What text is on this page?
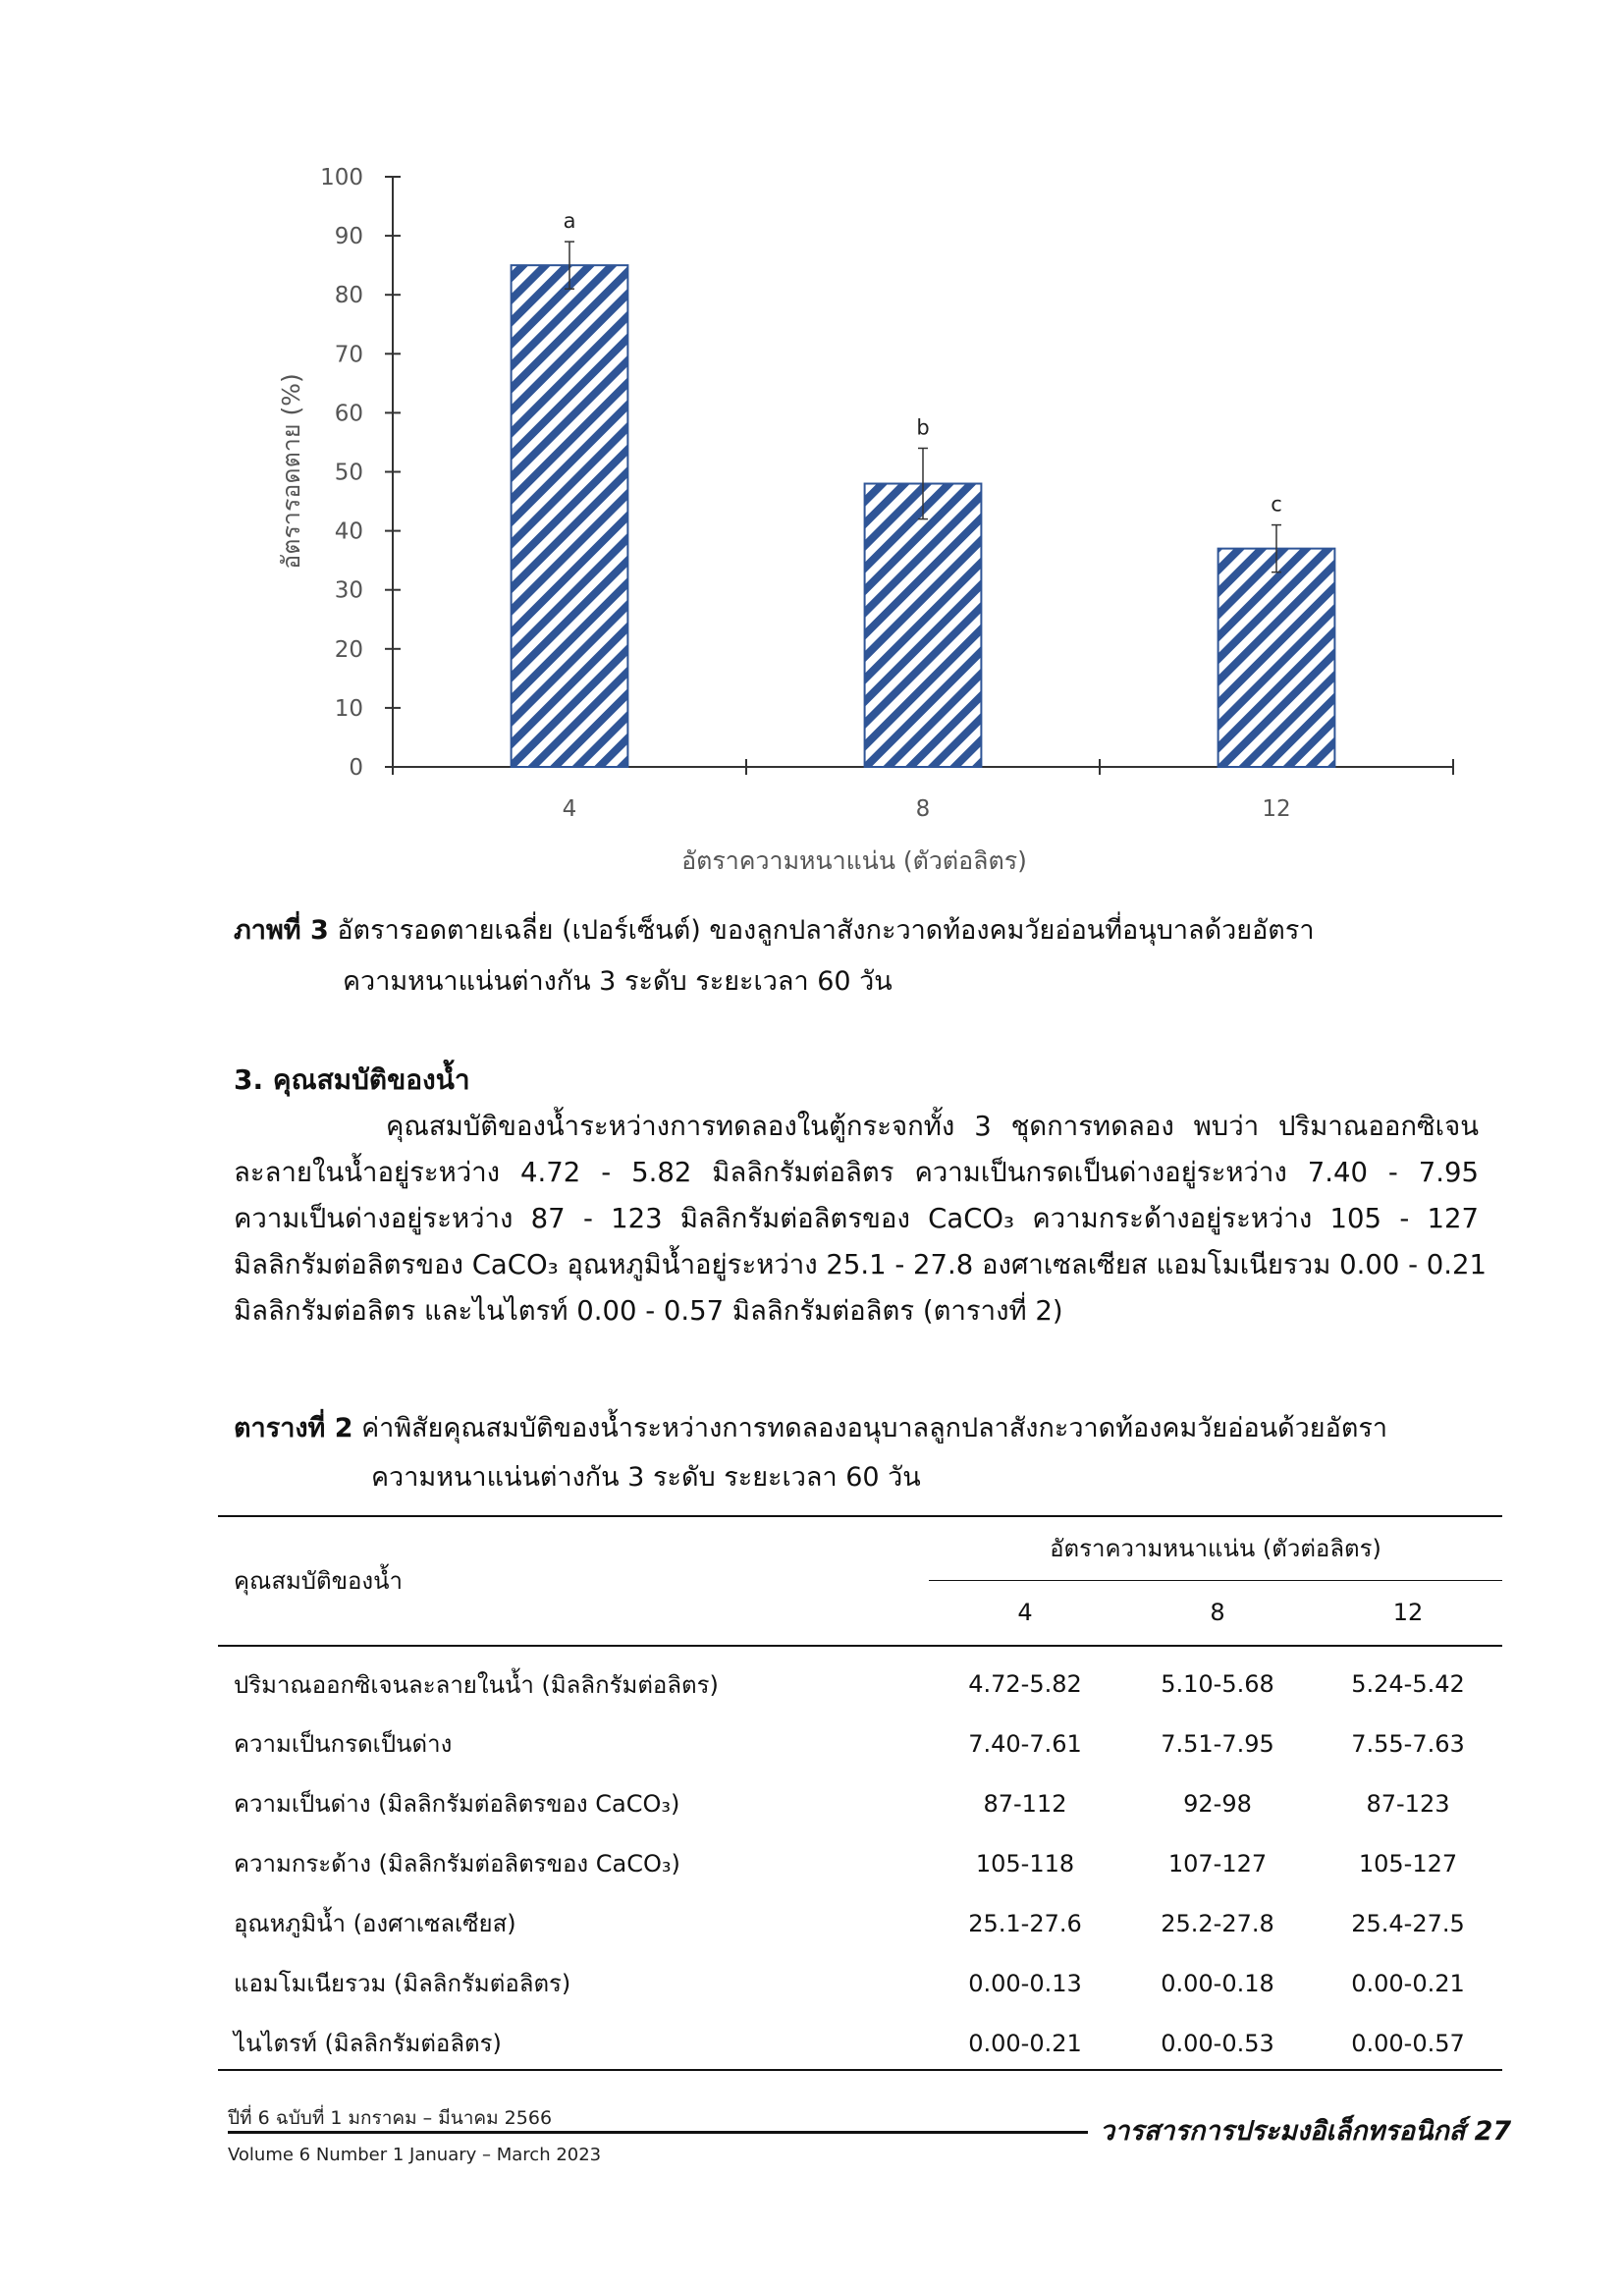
0
10
20
30
40
50
60
70
80
90
100
4	8	12
a
b
c
อัตรารอดตาย (%)
อัตราความหนาแน่น (ตัวต่อลิตร)
ภาพที่ 3 อัตรารอดตายเฉลี่ย (เปอร์เซ็นต์) ของลูกปลาสังกะวาดท้องคมวัยอ่อนที่อนุบาลด้วยอัตรา
ความหนาแน่นต่างกัน 3 ระดับ ระยะเวลา 60 วัน
3. คุณสมบัติของน้ำ
คุณสมบัติของน้ำระหว่างการทดลองในตู้กระจกทั้ง 3 ชุดการทดลอง พบว่า ปริมาณออกซิเจน
ละลายในน้ำอยู่ระหว่าง 4.72 - 5.82 มิลลิกรัมต่อลิตร ความเป็นกรดเป็นด่างอยู่ระหว่าง 7.40 - 7.95
ความเป็นด่างอยู่ระหว่าง 87 - 123 มิลลิกรัมต่อลิตรของ CaCO₃ ความกระด้างอยู่ระหว่าง 105 - 127
มิลลิกรัมต่อลิตรของ CaCO₃ อุณหภูมิน้ำอยู่ระหว่าง 25.1 - 27.8 องศาเซลเซียส แอมโมเนียรวม 0.00 - 0.21
มิลลิกรัมต่อลิตร และไนไตรท์ 0.00 - 0.57 มิลลิกรัมต่อลิตร (ตารางที่ 2)
ตารางที่ 2 ค่าพิสัยคุณสมบัติของน้ำระหว่างการทดลองอนุบาลลูกปลาสังกะวาดท้องคมวัยอ่อนด้วยอัตรา
ความหนาแน่นต่างกัน 3 ระดับ ระยะเวลา 60 วัน
คุณสมบัติของน้ำ	อัตราความหนาแน่น (ตัวต่อลิตร)		
	4	8	12
ปริมาณออกซิเจนละลายในน้ำ (มิลลิกรัมต่อลิตร)	4.72-5.82	5.10-5.68	5.24-5.42
ความเป็นกรดเป็นด่าง	7.40-7.61	7.51-7.95	7.55-7.63
ความเป็นด่าง (มิลลิกรัมต่อลิตรของ CaCO₃)	87-112	92-98	87-123
ความกระด้าง (มิลลิกรัมต่อลิตรของ CaCO₃)	105-118	107-127	105-127
อุณหภูมิน้ำ (องศาเซลเซียส)	25.1-27.6	25.2-27.8	25.4-27.5
แอมโมเนียรวม (มิลลิกรัมต่อลิตร)	0.00-0.13	0.00-0.18	0.00-0.21
ไนไตรท์ (มิลลิกรัมต่อลิตร)	0.00-0.21	0.00-0.53	0.00-0.57
ปีที่ 6 ฉบับที่ 1 มกราคม – มีนาคม 2566
Volume 6 Number 1 January – March 2023
วารสารการประมงอิเล็กทรอนิกส์ 27
